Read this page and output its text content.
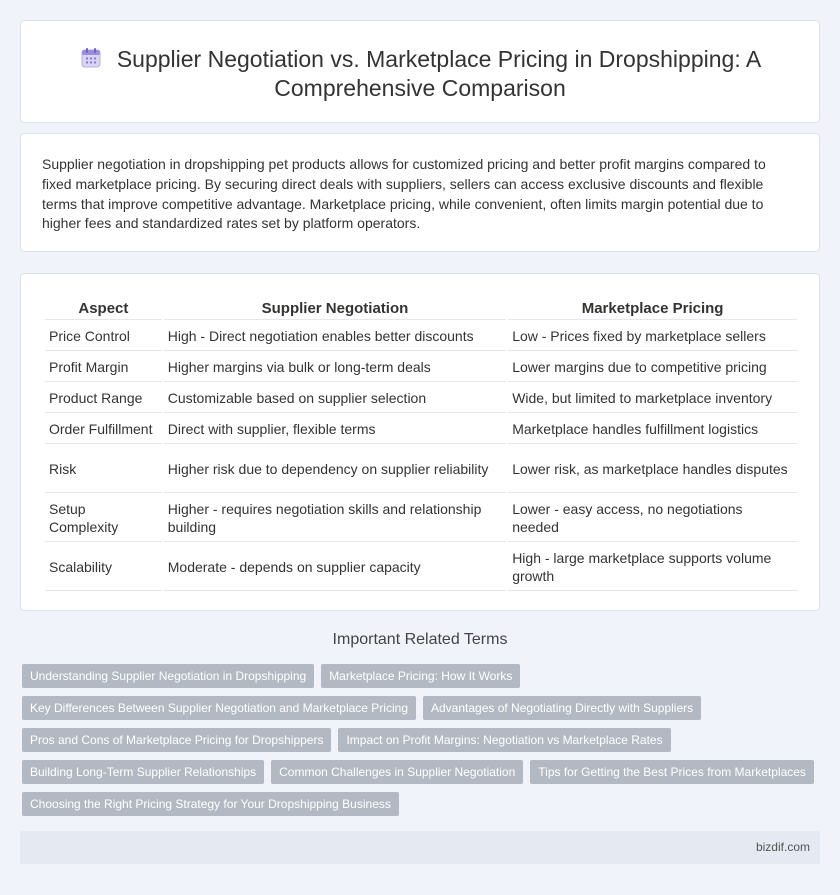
Supplier Negotiation vs. Marketplace Pricing in Dropshipping: A Comprehensive Comparison

Supplier negotiation in dropshipping pet products allows for customized pricing and better profit margins compared to fixed marketplace pricing. By securing direct deals with suppliers, sellers can access exclusive discounts and flexible terms that improve competitive advantage. Marketplace pricing, while convenient, often limits margin potential due to higher fees and standardized rates set by platform operators.

Aspect	Supplier Negotiation	Marketplace Pricing
Price Control	High - Direct negotiation enables better discounts	Low - Prices fixed by marketplace sellers
Profit Margin	Higher margins via bulk or long-term deals	Lower margins due to competitive pricing
Product Range	Customizable based on supplier selection	Wide, but limited to marketplace inventory
Order Fulfillment	Direct with supplier, flexible terms	Marketplace handles fulfillment logistics
Risk	Higher risk due to dependency on supplier reliability	Lower risk, as marketplace handles disputes
Setup Complexity	Higher - requires negotiation skills and relationship building	Lower - easy access, no negotiations needed
Scalability	Moderate - depends on supplier capacity	High - large marketplace supports volume growth
Important Related Terms
Understanding Supplier Negotiation in Dropshipping	Marketplace Pricing: How It Works
Key Differences Between Supplier Negotiation and Marketplace Pricing	Advantages of Negotiating Directly with Suppliers
Pros and Cons of Marketplace Pricing for Dropshippers	Impact on Profit Margins: Negotiation vs Marketplace Rates
Building Long-Term Supplier Relationships	Common Challenges in Supplier Negotiation	Tips for Getting the Best Prices from Marketplaces
Choosing the Right Pricing Strategy for Your Dropshipping Business
bizdif.com
